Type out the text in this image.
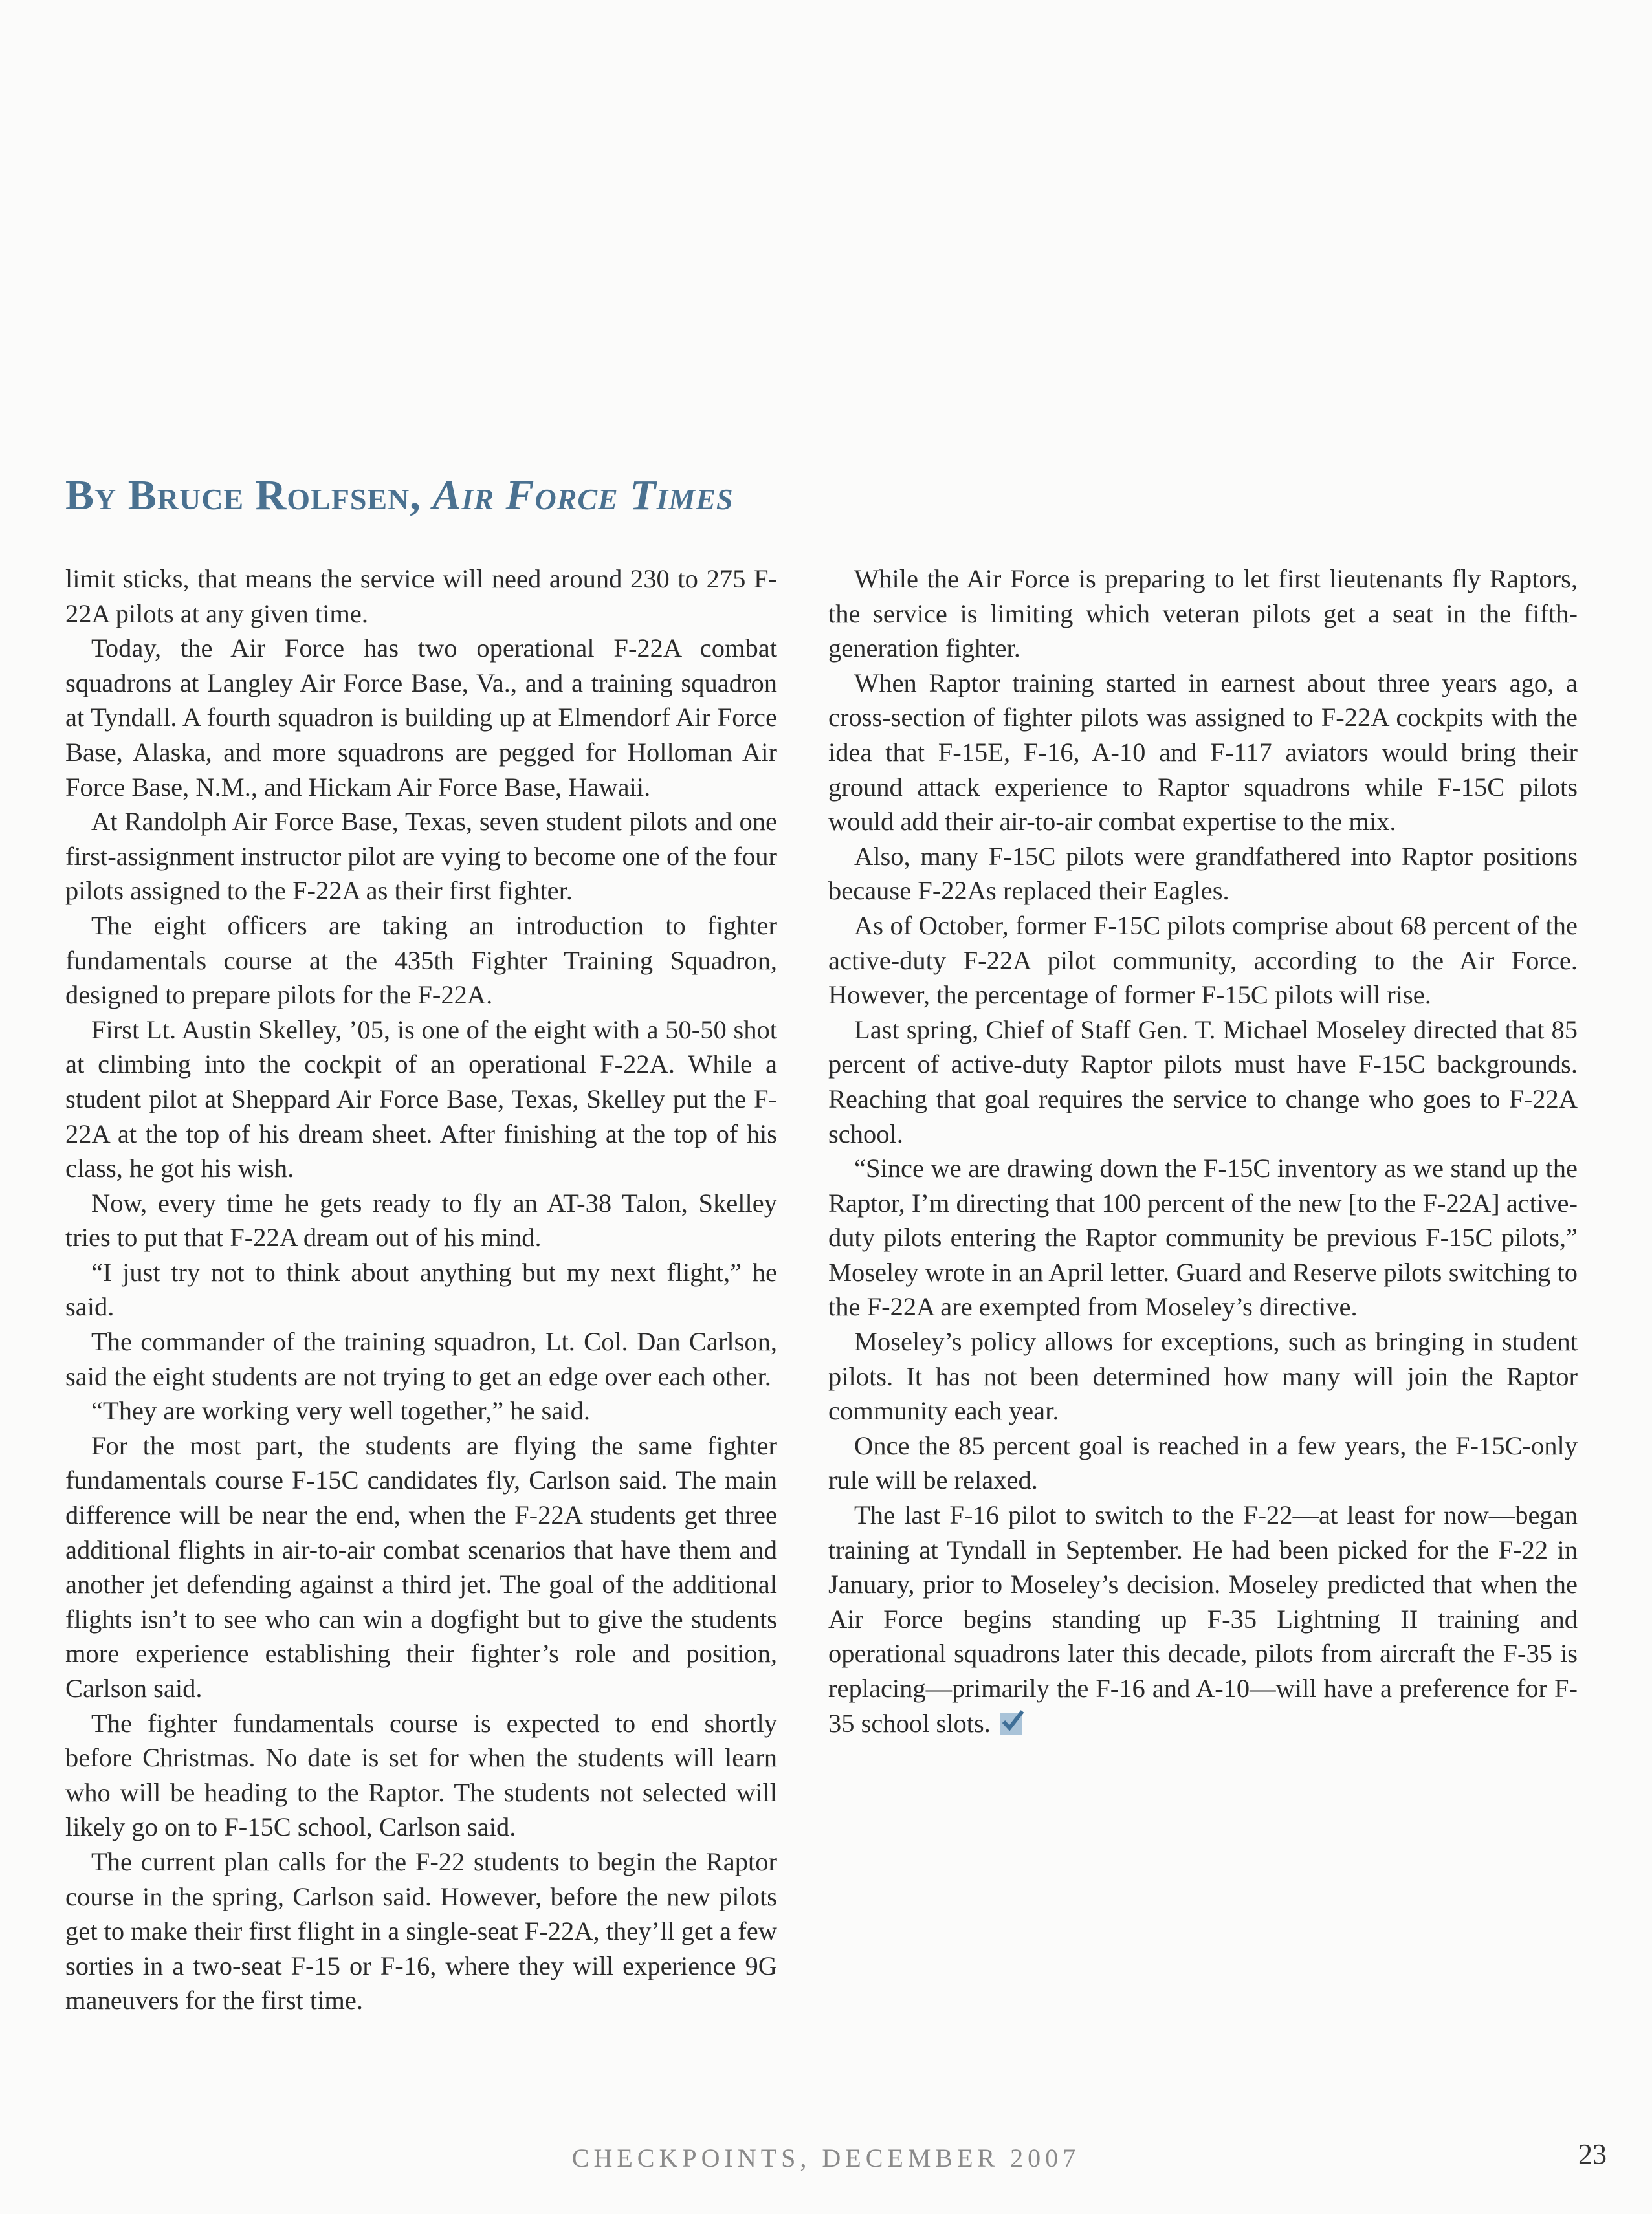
By Bruce Rolfsen, Air Force Times

limit sticks, that means the service will need around 230 to 275 F-22A pilots at any given time.

Today, the Air Force has two operational F-22A combat squadrons at Langley Air Force Base, Va., and a training squadron at Tyndall. A fourth squadron is building up at Elmendorf Air Force Base, Alaska, and more squadrons are pegged for Holloman Air Force Base, N.M., and Hickam Air Force Base, Hawaii.

At Randolph Air Force Base, Texas, seven student pilots and one first-assignment instructor pilot are vying to become one of the four pilots assigned to the F-22A as their first fighter.

The eight officers are taking an introduction to fighter fundamentals course at the 435th Fighter Training Squadron, designed to prepare pilots for the F-22A.

First Lt. Austin Skelley, ’05, is one of the eight with a 50-50 shot at climbing into the cockpit of an operational F-22A. While a student pilot at Sheppard Air Force Base, Texas, Skelley put the F-22A at the top of his dream sheet. After finishing at the top of his class, he got his wish.

Now, every time he gets ready to fly an AT-38 Talon, Skelley tries to put that F-22A dream out of his mind.

“I just try not to think about anything but my next flight,” he said.

The commander of the training squadron, Lt. Col. Dan Carlson, said the eight students are not trying to get an edge over each other.

“They are working very well together,” he said.

For the most part, the students are flying the same fighter fundamentals course F-15C candidates fly, Carlson said. The main difference will be near the end, when the F-22A students get three additional flights in air-to-air combat scenarios that have them and another jet defending against a third jet. The goal of the additional flights isn’t to see who can win a dogfight but to give the students more experience establishing their fighter’s role and position, Carlson said.

The fighter fundamentals course is expected to end shortly before Christmas. No date is set for when the students will learn who will be heading to the Raptor. The students not selected will likely go on to F-15C school, Carlson said.

The current plan calls for the F-22 students to begin the Raptor course in the spring, Carlson said. However, before the new pilots get to make their first flight in a single-seat F-22A, they’ll get a few sorties in a two-seat F-15 or F-16, where they will experience 9G maneuvers for the first time.

While the Air Force is preparing to let first lieutenants fly Raptors, the service is limiting which veteran pilots get a seat in the fifth-generation fighter.

When Raptor training started in earnest about three years ago, a cross-section of fighter pilots was assigned to F-22A cockpits with the idea that F-15E, F-16, A-10 and F-117 aviators would bring their ground attack experience to Raptor squadrons while F-15C pilots would add their air-to-air combat expertise to the mix.

Also, many F-15C pilots were grandfathered into Raptor positions because F-22As replaced their Eagles.

As of October, former F-15C pilots comprise about 68 percent of the active-duty F-22A pilot community, according to the Air Force. However, the percentage of former F-15C pilots will rise.

Last spring, Chief of Staff Gen. T. Michael Moseley directed that 85 percent of active-duty Raptor pilots must have F-15C backgrounds. Reaching that goal requires the service to change who goes to F-22A school.

“Since we are drawing down the F-15C inventory as we stand up the Raptor, I’m directing that 100 percent of the new [to the F-22A] active-duty pilots entering the Raptor community be previous F-15C pilots,” Moseley wrote in an April letter. Guard and Reserve pilots switching to the F-22A are exempted from Moseley’s directive.

Moseley’s policy allows for exceptions, such as bringing in student pilots. It has not been determined how many will join the Raptor community each year.

Once the 85 percent goal is reached in a few years, the F-15C-only rule will be relaxed.

The last F-16 pilot to switch to the F-22—at least for now—began training at Tyndall in September. He had been picked for the F-22 in January, prior to Moseley’s decision. Moseley predicted that when the Air Force begins standing up F-35 Lightning II training and operational squadrons later this decade, pilots from aircraft the F-35 is replacing—primarily the F-16 and A-10—will have a preference for F-35 school slots.

CHECKPOINTS, DECEMBER 2007	23
